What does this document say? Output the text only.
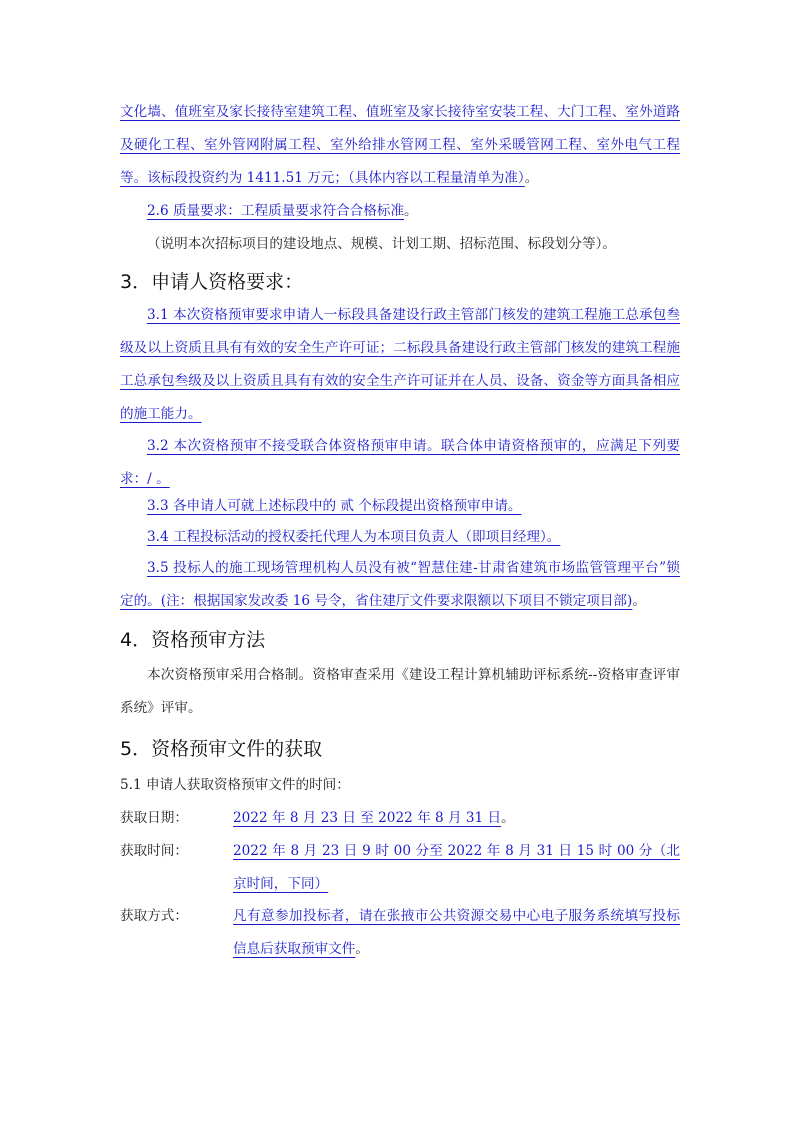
文化墙、值班室及家长接待室建筑工程、值班室及家长接待室安装工程、大门工程、室外道路及硬化工程、室外管网附属工程、室外给排水管网工程、室外采暖管网工程、室外电气工程等。该标段投资约为 1411.51 万元；（具体内容以工程量清单为准）。

2.6 质量要求：工程质量要求符合合格标准。

（说明本次招标项目的建设地点、规模、计划工期、招标范围、标段划分等）。

3．申请人资格要求：

3.1 本次资格预审要求申请人一标段具备建设行政主管部门核发的建筑工程施工总承包叁级及以上资质且具有有效的安全生产许可证；二标段具备建设行政主管部门核发的建筑工程施工总承包叁级及以上资质且具有有效的安全生产许可证并在人员、设备、资金等方面具备相应的施工能力。

3.2 本次资格预审不接受联合体资格预审申请。联合体申请资格预审的，应满足下列要求：/ 。

3.3 各申请人可就上述标段中的 贰 个标段提出资格预审申请。

3.4 工程投标活动的授权委托代理人为本项目负责人（即项目经理）。

3.5 投标人的施工现场管理机构人员没有被“智慧住建-甘肃省建筑市场监管管理平台”锁定的。(注：根据国家发改委 16 号令，省住建厅文件要求限额以下项目不锁定项目部)。

4．资格预审方法

本次资格预审采用合格制。资格审查采用《建设工程计算机辅助评标系统--资格审查评审系统》评审。

5．资格预审文件的获取

5.1 申请人获取资格预审文件的时间：

获取日期：	2022 年 8 月 23 日 至 2022 年 8 月 31 日。
获取时间：	2022 年 8 月 23 日 9 时 00 分至 2022 年 8 月 31 日 15 时 00 分（北京时间，下同）
获取方式：	凡有意参加投标者，请在张掖市公共资源交易中心电子服务系统填写投标信息后获取预审文件。
